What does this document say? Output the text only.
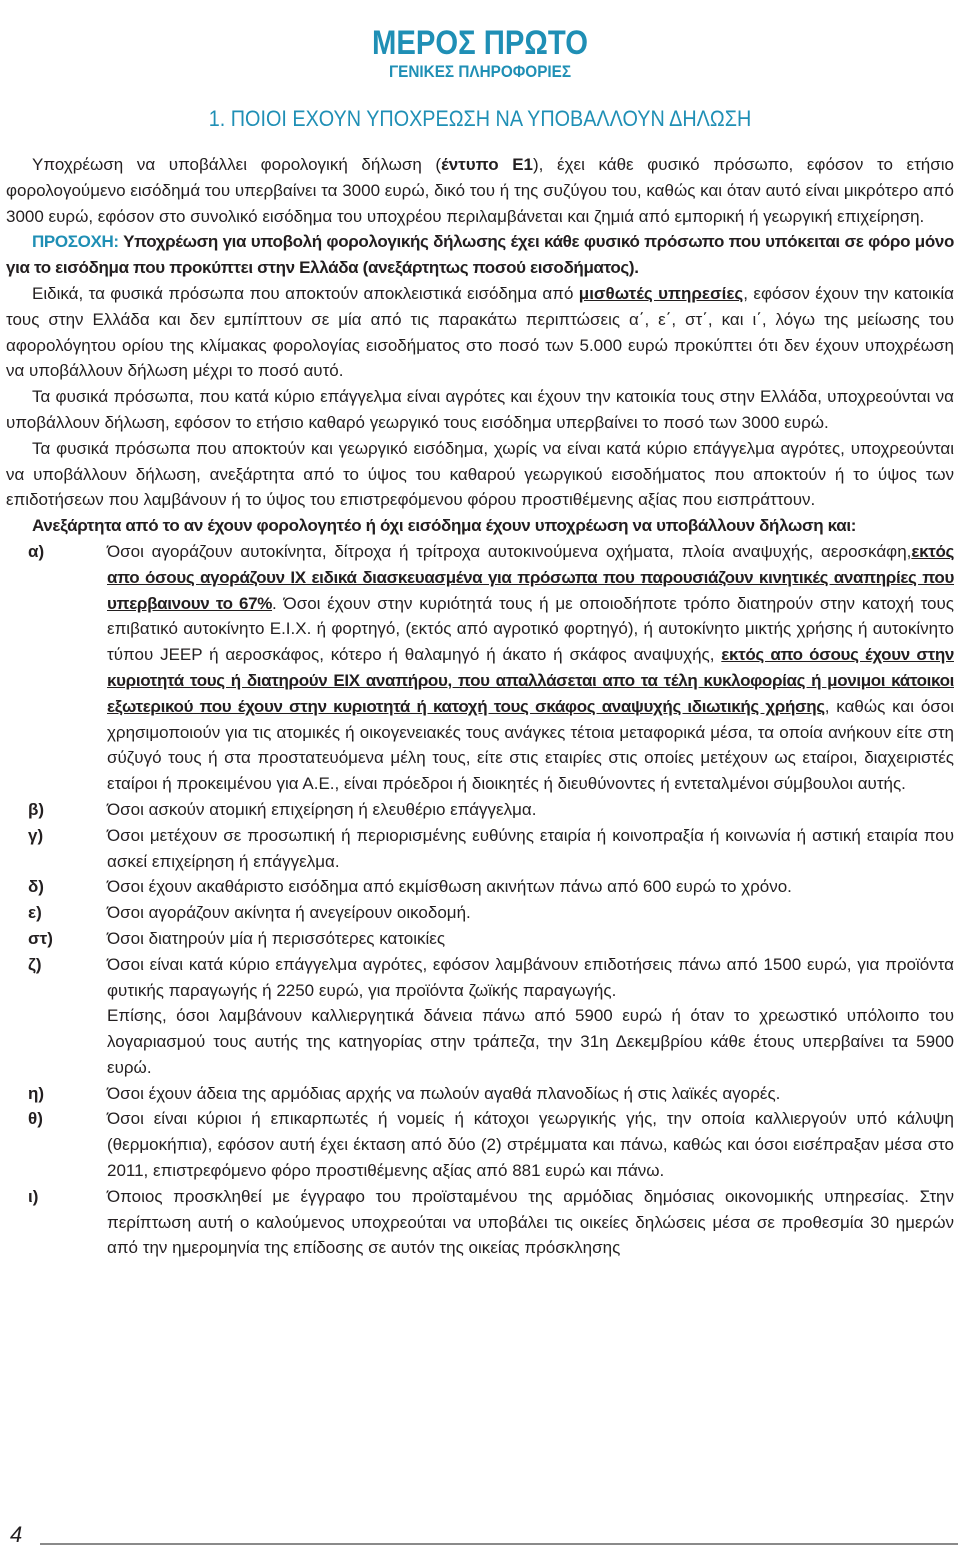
ΜΕΡΟΣ ΠΡΩΤΟ
ΓΕΝΙΚΕΣ ΠΛΗΡΟΦΟΡΙΕΣ
1. ΠΟΙΟΙ ΕΧΟΥΝ ΥΠΟΧΡΕΩΣΗ ΝΑ ΥΠΟΒΑΛΛΟΥΝ ΔΗΛΩΣΗ

Υποχρέωση να υποβάλλει φορολογική δήλωση (έντυπο Ε1), έχει κάθε φυσικό πρόσωπο, εφόσον το ετήσιο φορολογούμενο εισόδημά του υπερβαίνει τα 3000 ευρώ, δικό του ή της συζύγου του, καθώς και όταν αυτό είναι μικρότερο από 3000 ευρώ, εφόσον στο συνολικό εισόδημα του υποχρέου περιλαμβάνεται και ζημιά από εμπορική ή γεωργική επιχείρηση.

ΠΡΟΣΟΧΗ: Υποχρέωση για υποβολή φορολογικής δήλωσης έχει κάθε φυσικό πρόσωπο που υπόκειται σε φόρο μόνο για το εισόδημα που προκύπτει στην Ελλάδα (ανεξάρτητως ποσού εισοδήματος).

Ειδικά, τα φυσικά πρόσωπα που αποκτούν αποκλειστικά εισόδημα από μισθωτές υπηρεσίες, εφόσον έχουν την κατοικία τους στην Ελλάδα και δεν εμπίπτουν σε μία από τις παρακάτω περιπτώσεις α΄, ε΄, στ΄, και ι΄, λόγω της μείωσης του αφορολόγητου ορίου της κλίμακας φορολογίας εισοδήματος στο ποσό των 5.000 ευρώ προκύπτει ότι δεν έχουν υποχρέωση να υποβάλλουν δήλωση μέχρι το ποσό αυτό.

Τα φυσικά πρόσωπα, που κατά κύριο επάγγελμα είναι αγρότες και έχουν την κατοικία τους στην Ελλάδα, υποχρεούνται να υποβάλλουν δήλωση, εφόσον το ετήσιο καθαρό γεωργικό τους εισόδημα υπερβαίνει το ποσό των 3000 ευρώ.

Τα φυσικά πρόσωπα που αποκτούν και γεωργικό εισόδημα, χωρίς να είναι κατά κύριο επάγγελμα αγρότες, υποχρεούνται να υποβάλλουν δήλωση, ανεξάρτητα από το ύψος του καθαρού γεωργικού εισοδήματος που αποκτούν ή το ύψος των επιδοτήσεων που λαμβάνουν ή το ύψος του επιστρεφόμενου φόρου προστιθέμενης αξίας που εισπράττουν.

Ανεξάρτητα από το αν έχουν φορολογητέο ή όχι εισόδημα έχουν υποχρέωση να υποβάλλουν δήλωση και:

α)	Όσοι αγοράζουν αυτοκίνητα, δίτροχα ή τρίτροχα αυτοκινούμενα οχήματα, πλοία αναψυχής, αεροσκάφη,εκτός απο όσους αγοράζουν ΙΧ ειδικά διασκευασμένα για πρόσωπα που παρουσιάζουν κινητικές αναπηρίες που υπερβαινουν το 67%. Όσοι έχουν στην κυριότητά τους ή με οποιοδήποτε τρόπο διατηρούν στην κατοχή τους επιβατικό αυτοκίνητο Ε.Ι.Χ. ή φορτηγό, (εκτός από αγροτικό φορτηγό), ή αυτοκίνητο μικτής χρήσης ή αυτοκίνητο τύπου JEEP ή αεροσκάφος, κότερο ή θαλαμηγό ή άκατο ή σκάφος αναψυχής, εκτός απο όσους έχουν στην κυριοτητά τους ή διατηρούν ΕΙΧ αναπήρου, που απαλλάσεται απο τα τέλη κυκλοφορίας ή μονιμοι κάτοικοι εξωτερικού που έχουν στην κυριοτητά ή κατοχή τους σκάφος αναψυχής ιδιωτικής χρήσης, καθώς και όσοι χρησιμοποιούν για τις ατομικές ή οικογενειακές τους ανάγκες τέτοια μεταφορικά μέσα, τα οποία ανήκουν είτε στη σύζυγό τους ή στα προστατευόμενα μέλη τους, είτε στις εταιρίες στις οποίες μετέχουν ως εταίροι, διαχειριστές εταίροι ή προκειμένου για Α.Ε., είναι πρόεδροι ή διοικητές ή διευθύνοντες ή εντεταλμένοι σύμβουλοι αυτής.
β)	Όσοι ασκούν ατομική επιχείρηση ή ελευθέριο επάγγελμα.
γ)	Όσοι μετέχουν σε προσωπική ή περιορισμένης ευθύνης εταιρία ή κοινοπραξία ή κοινωνία ή αστική εταιρία που ασκεί επιχείρηση ή επάγγελμα.
δ)	Όσοι έχουν ακαθάριστο εισόδημα από εκμίσθωση ακινήτων πάνω από 600 ευρώ το χρόνο.
ε)	Όσοι αγοράζουν ακίνητα ή ανεγείρουν οικοδομή.
στ)	Όσοι διατηρούν μία ή περισσότερες κατοικίες
ζ)	Όσοι είναι κατά κύριο επάγγελμα αγρότες, εφόσον λαμβάνουν επιδοτήσεις πάνω από 1500 ευρώ, για προϊόντα φυτικής παραγωγής ή 2250 ευρώ, για προϊόντα ζωϊκής παραγωγής.
Επίσης, όσοι λαμβάνουν καλλιεργητικά δάνεια πάνω από 5900 ευρώ ή όταν το χρεωστικό υπόλοιπο του λογαριασμού τους αυτής της κατηγορίας στην τράπεζα, την 31η Δεκεμβρίου κάθε έτους υπερβαίνει τα 5900 ευρώ.
η)	Όσοι έχουν άδεια της αρμόδιας αρχής να πωλούν αγαθά πλανοδίως ή στις λαϊκές αγορές.
θ)	Όσοι είναι κύριοι ή επικαρπωτές ή νομείς ή κάτοχοι γεωργικής γής, την οποία καλλιεργούν υπό κάλυψη (θερμοκήπια), εφόσον αυτή έχει έκταση από δύο (2) στρέμματα και πάνω, καθώς και όσοι εισέπραξαν μέσα στο 2011, επιστρεφόμενο φόρο προστιθέμενης αξίας από 881 ευρώ και πάνω.
ι)	Όποιος προσκληθεί με έγγραφο του προϊσταμένου της αρμόδιας δημόσιας οικονομικής υπηρεσίας. Στην περίπτωση αυτή ο καλούμενος υποχρεούται να υποβάλει τις οικείες δηλώσεις μέσα σε προθεσμία 30 ημερών από την ημερομηνία της επίδοσης σε αυτόν της οικείας πρόσκλησης
4
